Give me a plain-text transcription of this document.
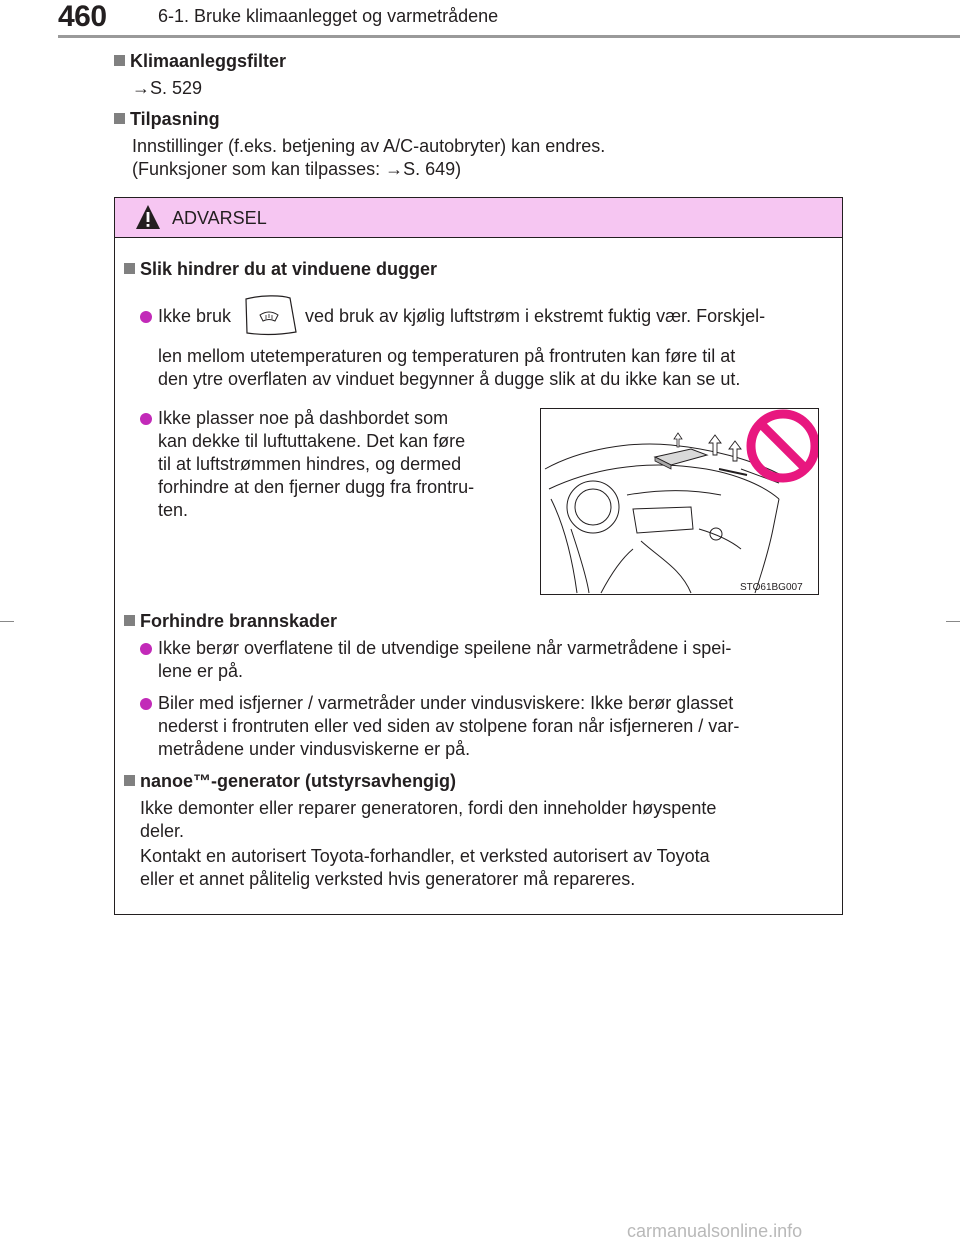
460	6-1. Bruke klimaanlegget og varmetrådene
Klimaanleggsfilter
→S. 529
Tilpasning
Innstillinger (f.eks. betjening av A/C-autobryter) kan endres.
(Funksjoner som kan tilpasses: →S. 649)
ADVARSEL
Slik hindrer du at vinduene dugger
Ikke bruk	ved bruk av kjølig luftstrøm i ekstremt fuktig vær. Forskjel-
len mellom utetemperaturen og temperaturen på frontruten kan føre til at
den ytre overflaten av vinduet begynner å dugge slik at du ikke kan se ut.
Ikke plasser noe på dashbordet som
kan dekke til luftuttakene. Det kan føre
til at luftstrømmen hindres, og dermed
forhindre at den fjerner dugg fra frontru-
ten.
STO61BG007
Forhindre brannskader
Ikke berør overflatene til de utvendige speilene når varmetrådene i spei-
lene er på.
Biler med isfjerner / varmetråder under vindusviskere: Ikke berør glasset
nederst i frontruten eller ved siden av stolpene foran når isfjerneren / var-
metrådene under vindusviskerne er på.
nanoe™-generator (utstyrsavhengig)
Ikke demonter eller reparer generatoren, fordi den inneholder høyspente
deler.
Kontakt en autorisert Toyota-forhandler, et verksted autorisert av Toyota
eller et annet pålitelig verksted hvis generatorer må repareres.
carmanualsonline.info
